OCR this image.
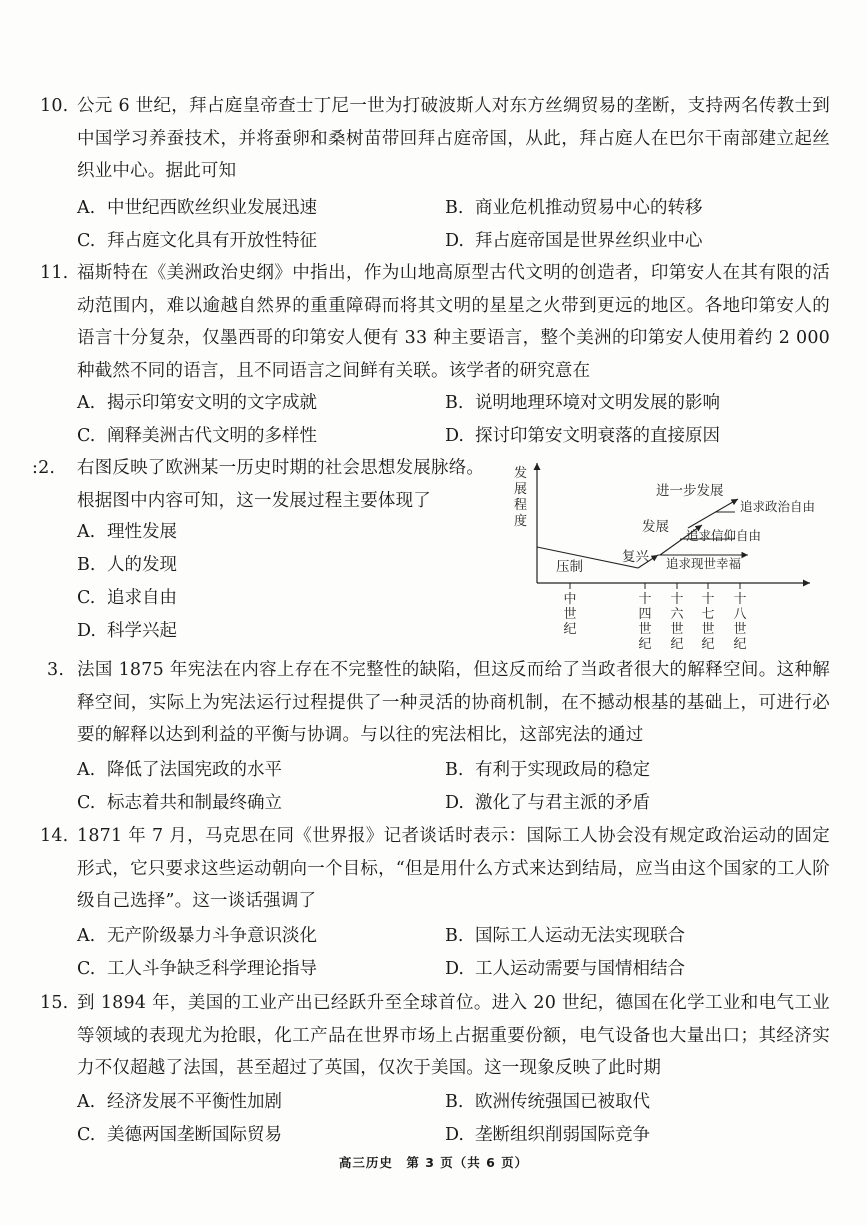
10. 公元 6 世纪，拜占庭皇帝查士丁尼一世为打破波斯人对东方丝绸贸易的垄断，支持两名传教士到中国学习养蚕技术，并将蚕卵和桑树苗带回拜占庭帝国，从此，拜占庭人在巴尔干南部建立起丝织业中心。据此可知
A. 中世纪西欧丝织业发展迅速	B. 商业危机推动贸易中心的转移
C. 拜占庭文化具有开放性特征	D. 拜占庭帝国是世界丝织业中心
11. 福斯特在《美洲政治史纲》中指出，作为山地高原型古代文明的创造者，印第安人在其有限的活动范围内，难以逾越自然界的重重障碍而将其文明的星星之火带到更远的地区。各地印第安人的语言十分复杂，仅墨西哥的印第安人便有 33 种主要语言，整个美洲的印第安人使用着约 2 000 种截然不同的语言，且不同语言之间鲜有关联。该学者的研究意在
A. 揭示印第安文明的文字成就	B. 说明地理环境对文明发展的影响
C. 阐释美洲古代文明的多样性	D. 探讨印第安文明衰落的直接原因
:2. 右图反映了欧洲某一历史时期的社会思想发展脉络。
根据图中内容可知，这一发展过程主要体现了
A. 理性发展
B. 人的发现
C. 追求自由
D. 科学兴起
发展程度
压制
复兴
发展
进一步发展
追求现世幸福
追求信仰自由
追求政治自由
中世纪
十四世纪
十六世纪
十七世纪
十八世纪
3. 法国 1875 年宪法在内容上存在不完整性的缺陷，但这反而给了当政者很大的解释空间。这种解释空间，实际上为宪法运行过程提供了一种灵活的协商机制，在不撼动根基的基础上，可进行必要的解释以达到利益的平衡与协调。与以往的宪法相比，这部宪法的通过
A. 降低了法国宪政的水平	B. 有利于实现政局的稳定
C. 标志着共和制最终确立	D. 激化了与君主派的矛盾
14. 1871 年 7 月，马克思在同《世界报》记者谈话时表示：国际工人协会没有规定政治运动的固定形式，它只要求这些运动朝向一个目标，“但是用什么方式来达到结局，应当由这个国家的工人阶级自己选择”。这一谈话强调了
A. 无产阶级暴力斗争意识淡化	B. 国际工人运动无法实现联合
C. 工人斗争缺乏科学理论指导	D. 工人运动需要与国情相结合
15. 到 1894 年，美国的工业产出已经跃升至全球首位。进入 20 世纪，德国在化学工业和电气工业等领域的表现尤为抢眼，化工产品在世界市场上占据重要份额，电气设备也大量出口；其经济实力不仅超越了法国，甚至超过了英国，仅次于美国。这一现象反映了此时期
A. 经济发展不平衡性加剧	B. 欧洲传统强国已被取代
C. 美德两国垄断国际贸易	D. 垄断组织削弱国际竞争
高三历史　第 3 页（共 6 页）
